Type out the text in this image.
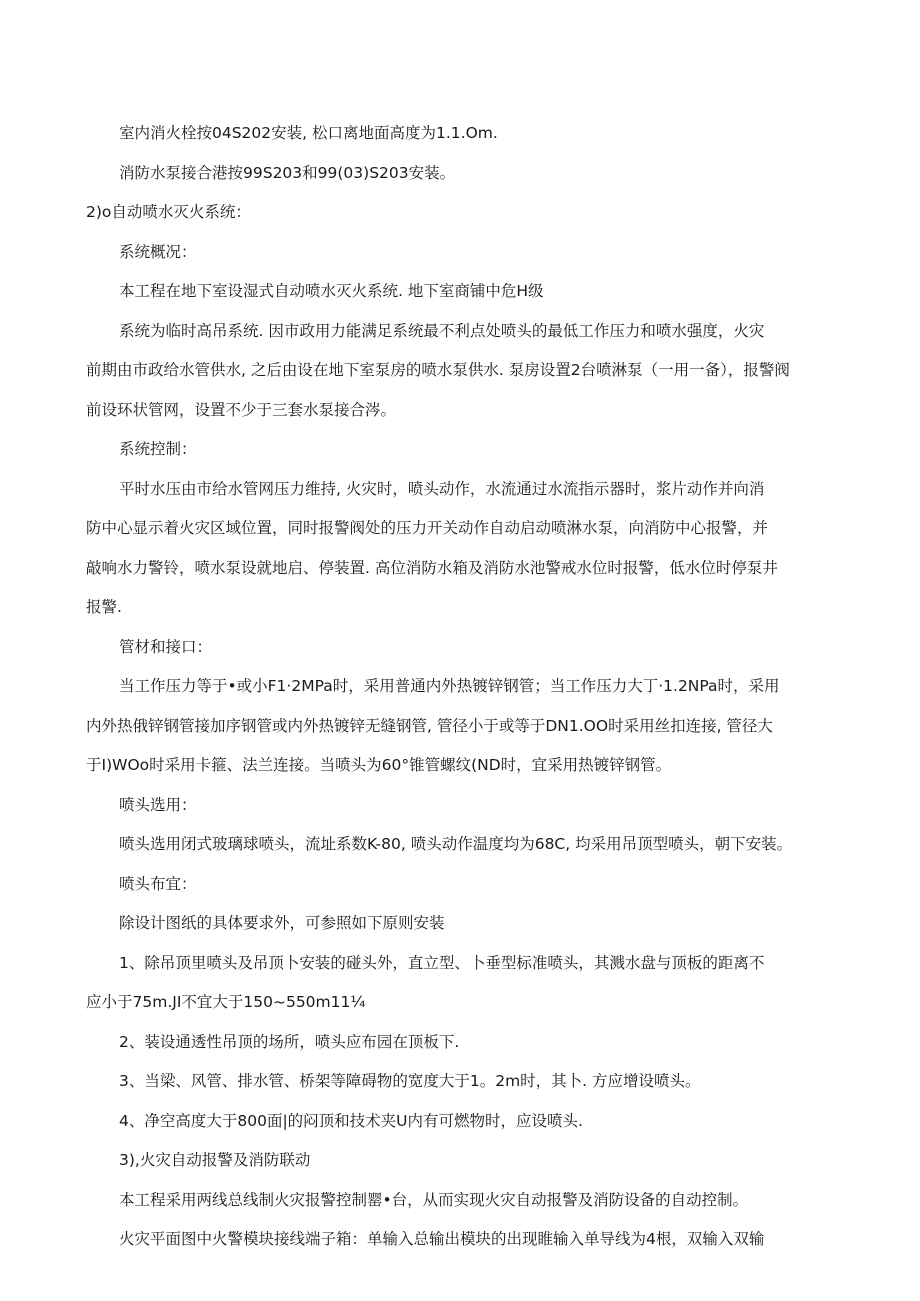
室内消火栓按04S202安装, 松口离地面高度为1.1.Om.
消防水泵接合港按99S203和99(03)S203安装。
2)o自动喷水灭火系统：
系统概况：
本工程在地下室设湿式自动喷水灭火系统. 地下室商铺中危H级
系统为临时高吊系统. 因市政用力能满足系统最不利点处喷头的最低工作压力和喷水强度，火灾
前期由市政给水管供水, 之后由设在地下室泵房的喷水泵供水. 泵房设置2台喷淋泵（一用一备），报警阀
前设环状管网，设置不少于三套水泵接合涔。
系统控制：
平时水压由市给水管网压力维持, 火灾时，喷头动作，水流通过水流指示器时，浆片动作并向消
防中心显示着火灾区域位置，同时报警阀处的压力开关动作自动启动喷淋水泵，向消防中心报警，并
敲响水力警铃，喷水泵设就地启、停装置. 高位消防水箱及消防水池警戒水位时报警，低水位时停泵井
报警.
管材和接口：
当工作压力等于•或小F1·2MPa时，采用普通内外热镀锌钢管；当工作压力大丁·1.2NPa时，采用
内外热俄锌钢管接加序钢管或内外热镀锌无缝钢管, 管径小于或等于DN1.OO时采用丝扣连接, 管径大
于I)WOo时采用卡箍、法兰连接。当喷头为60°锥管螺纹(ND时，宜采用热镀锌钢管。
喷头选用：
喷头选用闭式玻璃球喷头，流址系数K-80, 喷头动作温度均为68C, 均采用吊顶型喷头，朝下安装。
喷头布宜：
除设计图纸的具体要求外，可参照如下原则安装
1、除吊顶里喷头及吊顶卜安装的碰头外，直立型、卜垂型标准喷头，其溅水盘与顶板的距离不
应小于75m.JI不宜大于150~550m11¼
2、装设通透性吊顶的场所，喷头应布园在顶板下.
3、当梁、风管、排水管、桥架等障碍物的宽度大于1。2m时，其卜. 方应增设喷头。
4、净空高度大于800面|的闷顶和技术夹U内有可燃物时，应设喷头.
3),火灾自动报警及消防联动
本工程采用两线总线制火灾报警控制罂•台，从而实现火灾自动报警及消防设备的自动控制。
火灾平面图中火警模块接线端子箱：单输入总输出模块的出现睢输入单导线为4根，双输入双输
